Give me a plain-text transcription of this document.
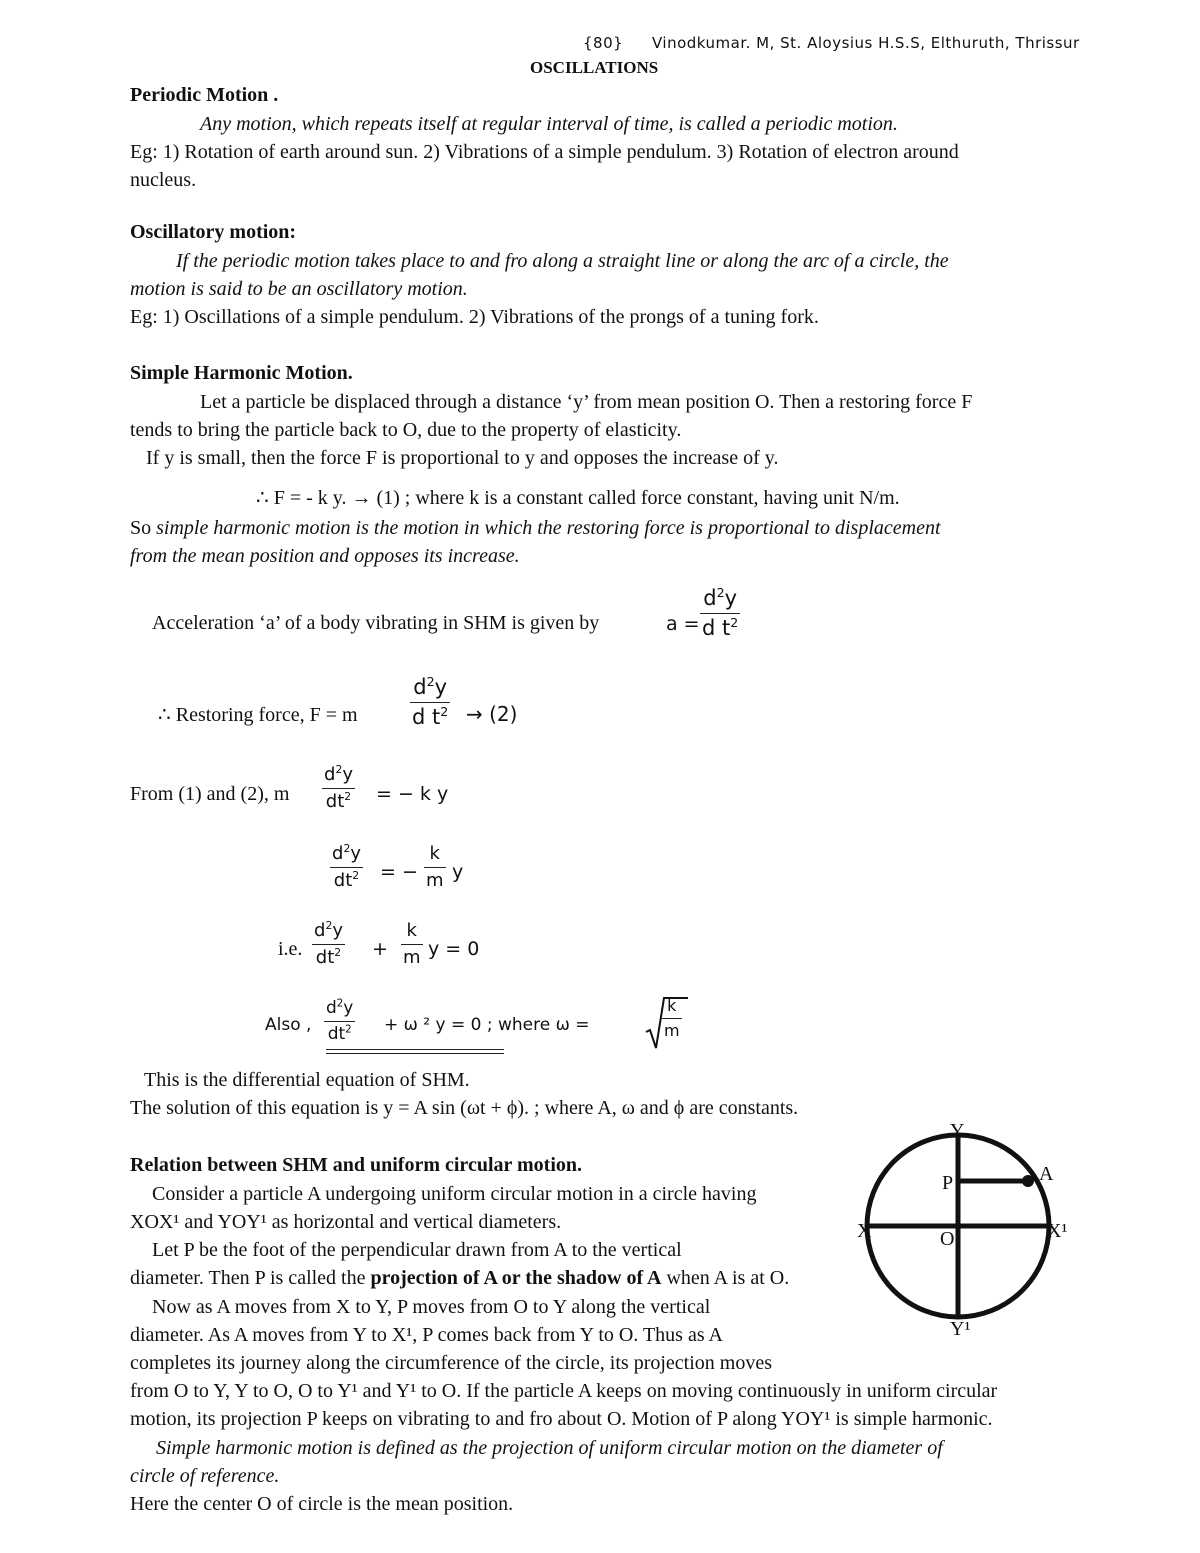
{80} Vinodkumar. M, St. Aloysius H.S.S, Elthuruth, Thrissur
OSCILLATIONS
Periodic Motion .
Any motion, which repeats itself at regular interval of time, is called a periodic motion.
Eg: 1) Rotation of earth around sun. 2) Vibrations of a simple pendulum. 3) Rotation of electron around
nucleus.
Oscillatory motion:
If the periodic motion takes place to and fro along a straight line or along the arc of a circle, the
motion is said to be an oscillatory motion.
Eg: 1) Oscillations of a simple pendulum. 2) Vibrations of the prongs of a tuning fork.
Simple Harmonic Motion.
Let a particle be displaced through a distance ‘y’ from mean position O. Then a restoring force F
tends to bring the particle back to O, due to the property of elasticity.
If y is small, then the force F is proportional to y and opposes the increase of y.
∴ F = - k y. → (1) ; where k is a constant called force constant, having unit N/m.
So simple harmonic motion is the motion in which the restoring force is proportional to displacement
from the mean position and opposes its increase.
Acceleration ‘a’ of a body vibrating in SHM is given by	a =
$d^2y$
d $t^2$
∴ Restoring force, F = m
$d^2y$
d $t^2 \to (2)$
From (1) and (2), m
$d^2y$
$dt^2$ = − k y
$d^2y$
$dt^2$ = −
k
m y
i.e.
$d^2y$
$dt^2$ +
k
m y = 0
Also ,
$d^2y$
$dt^2 + \omega$ ² y = 0 ; where ω =
k
m
This is the differential equation of SHM.
The solution of this equation is y = A sin (ωt + ϕ). ; where A, ω and ϕ are constants.
Relation between SHM and uniform circular motion.
Consider a particle A undergoing uniform circular motion in a circle having
XOX¹ and YOY¹ as horizontal and vertical diameters.
Let P be the foot of the perpendicular drawn from A to the vertical
diameter. Then P is called the projection of A or the shadow of A when A is at O.
Now as A moves from X to Y, P moves from O to Y along the vertical
diameter. As A moves from Y to X¹, P comes back from Y to O. Thus as A
completes its journey along the circumference of the circle, its projection moves
from O to Y, Y to O, O to Y¹ and Y¹ to O. If the particle A keeps on moving continuously in uniform circular
motion, its projection P keeps on vibrating to and fro about O. Motion of P along YOY¹ is simple harmonic.
Simple harmonic motion is defined as the projection of uniform circular motion on the diameter of
circle of reference.
Here the center O of circle is the mean position.
Y
A
P
X	O	X¹
Y¹
